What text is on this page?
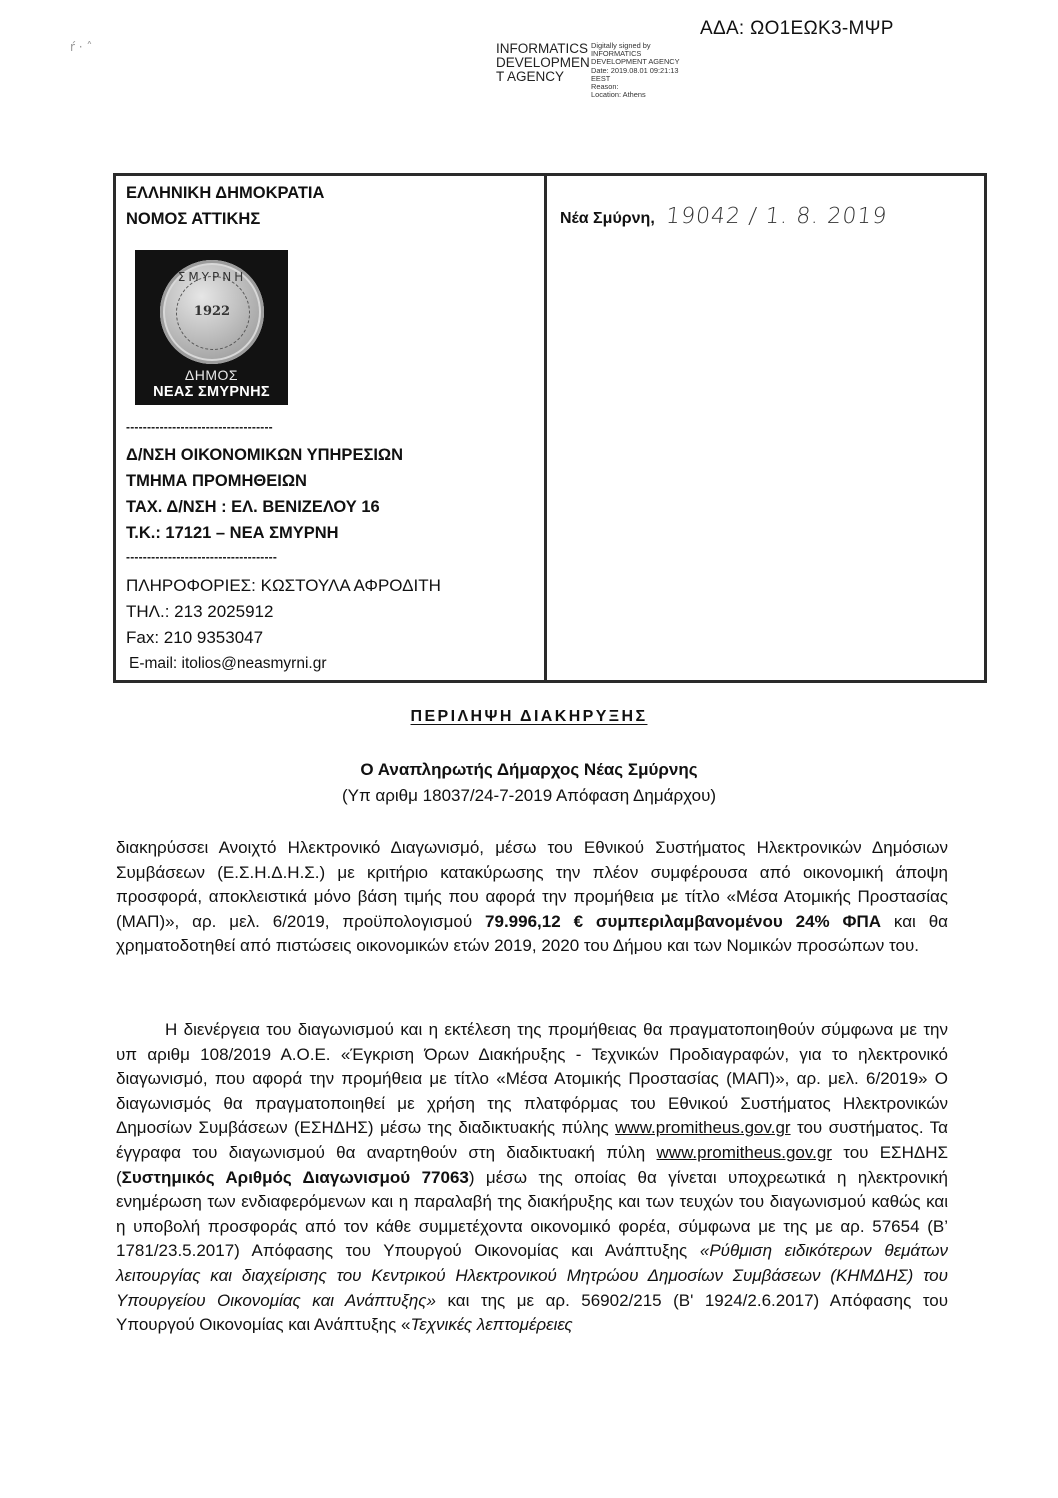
ŕ · ˄
ΑΔΑ: ΩΟ1ΕΩΚ3-ΜΨΡ
INFORMATICS
DEVELOPMEN
T AGENCY
Digitally signed by
INFORMATICS
DEVELOPMENT AGENCY
Date: 2019.08.01 09:21:13
EEST
Reason:
Location: Athens
ΕΛΛΗΝΙΚΗ ΔΗΜΟΚΡΑΤΙΑ
ΝΟΜΟΣ ΑΤΤΙΚΗΣ
ΣΜΥΡΝΗ
1922
ΔΗΜΟΣ
ΝΕΑΣ ΣΜΥΡΝΗΣ
-----------------------------------
Δ/ΝΣΗ ΟΙΚΟΝΟΜΙΚΩΝ ΥΠΗΡΕΣΙΩΝ
ΤΜΗΜΑ ΠΡΟΜΗΘΕΙΩΝ
ΤΑΧ. Δ/ΝΣΗ : ΕΛ. ΒΕΝΙΖΕΛΟΥ 16
Τ.Κ.: 17121 – ΝΕΑ ΣΜΥΡΝΗ
------------------------------------
ΠΛΗΡΟΦΟΡΙΕΣ: ΚΩΣΤΟΥΛΑ ΑΦΡΟΔΙΤΗ
ΤΗΛ.: 213 2025912
Fax: 210 9353047
E-mail: itolios@neasmyrni.gr
Νέα Σμύρνη, 19042 / 1. 8. 2019
ΠΕΡΙΛΗΨΗ ΔΙΑΚΗΡΥΞΗΣ
Ο Αναπληρωτής Δήμαρχος Νέας Σμύρνης
(Υπ αριθμ 18037/24-7-2019 Απόφαση Δημάρχου)
διακηρύσσει Ανοιχτό Ηλεκτρονικό Διαγωνισμό, μέσω του Εθνικού Συστήματος Ηλεκτρονικών Δημόσιων Συμβάσεων (Ε.Σ.Η.Δ.Η.Σ.) με κριτήριο κατακύρωσης την πλέον συμφέρουσα από οικονομική άποψη προσφορά, αποκλειστικά μόνο βάση τιμής που αφορά την προμήθεια με τίτλο «Μέσα Ατομικής Προστασίας (ΜΑΠ)», αρ. μελ. 6/2019, προϋπολογισμού 79.996,12 € συμπεριλαμβανομένου 24% ΦΠΑ και θα χρηματοδοτηθεί από πιστώσεις οικονομικών ετών 2019, 2020 του Δήμου και των Νομικών προσώπων του.
Η διενέργεια του διαγωνισμού και η εκτέλεση της προμήθειας θα πραγματοποιηθούν σύμφωνα με την υπ αριθμ 108/2019 Α.Ο.Ε. «Έγκριση Όρων Διακήρυξης - Τεχνικών Προδιαγραφών, για το ηλεκτρονικό διαγωνισμό, που αφορά την προμήθεια με τίτλο «Μέσα Ατομικής Προστασίας (ΜΑΠ)», αρ. μελ. 6/2019» Ο διαγωνισμός θα πραγματοποιηθεί με χρήση της πλατφόρμας του Εθνικού Συστήματος Ηλεκτρονικών Δημοσίων Συμβάσεων (ΕΣΗΔΗΣ) μέσω της διαδικτυακής πύλης www.promitheus.gov.gr του συστήματος. Τα έγγραφα του διαγωνισμού θα αναρτηθούν στη διαδικτυακή πύλη www.promitheus.gov.gr του ΕΣΗΔΗΣ (Συστημικός Αριθμός Διαγωνισμού 77063) μέσω της οποίας θα γίνεται υποχρεωτικά η ηλεκτρονική ενημέρωση των ενδιαφερόμενων και η παραλαβή της διακήρυξης και των τευχών του διαγωνισμού καθώς και η υποβολή προσφοράς από τον κάθε συμμετέχοντα οικονομικό φορέα, σύμφωνα με της με αρ. 57654 (Β’ 1781/23.5.2017) Απόφασης του Υπουργού Οικονομίας και Ανάπτυξης «Ρύθμιση ειδικότερων θεμάτων λειτουργίας και διαχείρισης του Κεντρικού Ηλεκτρονικού Μητρώου Δημοσίων Συμβάσεων (ΚΗΜΔΗΣ) του Υπουργείου Οικονομίας και Ανάπτυξης» και της με αρ. 56902/215 (Β' 1924/2.6.2017) Απόφασης του Υπουργού Οικονομίας και Ανάπτυξης «Τεχνικές λεπτομέρειες
